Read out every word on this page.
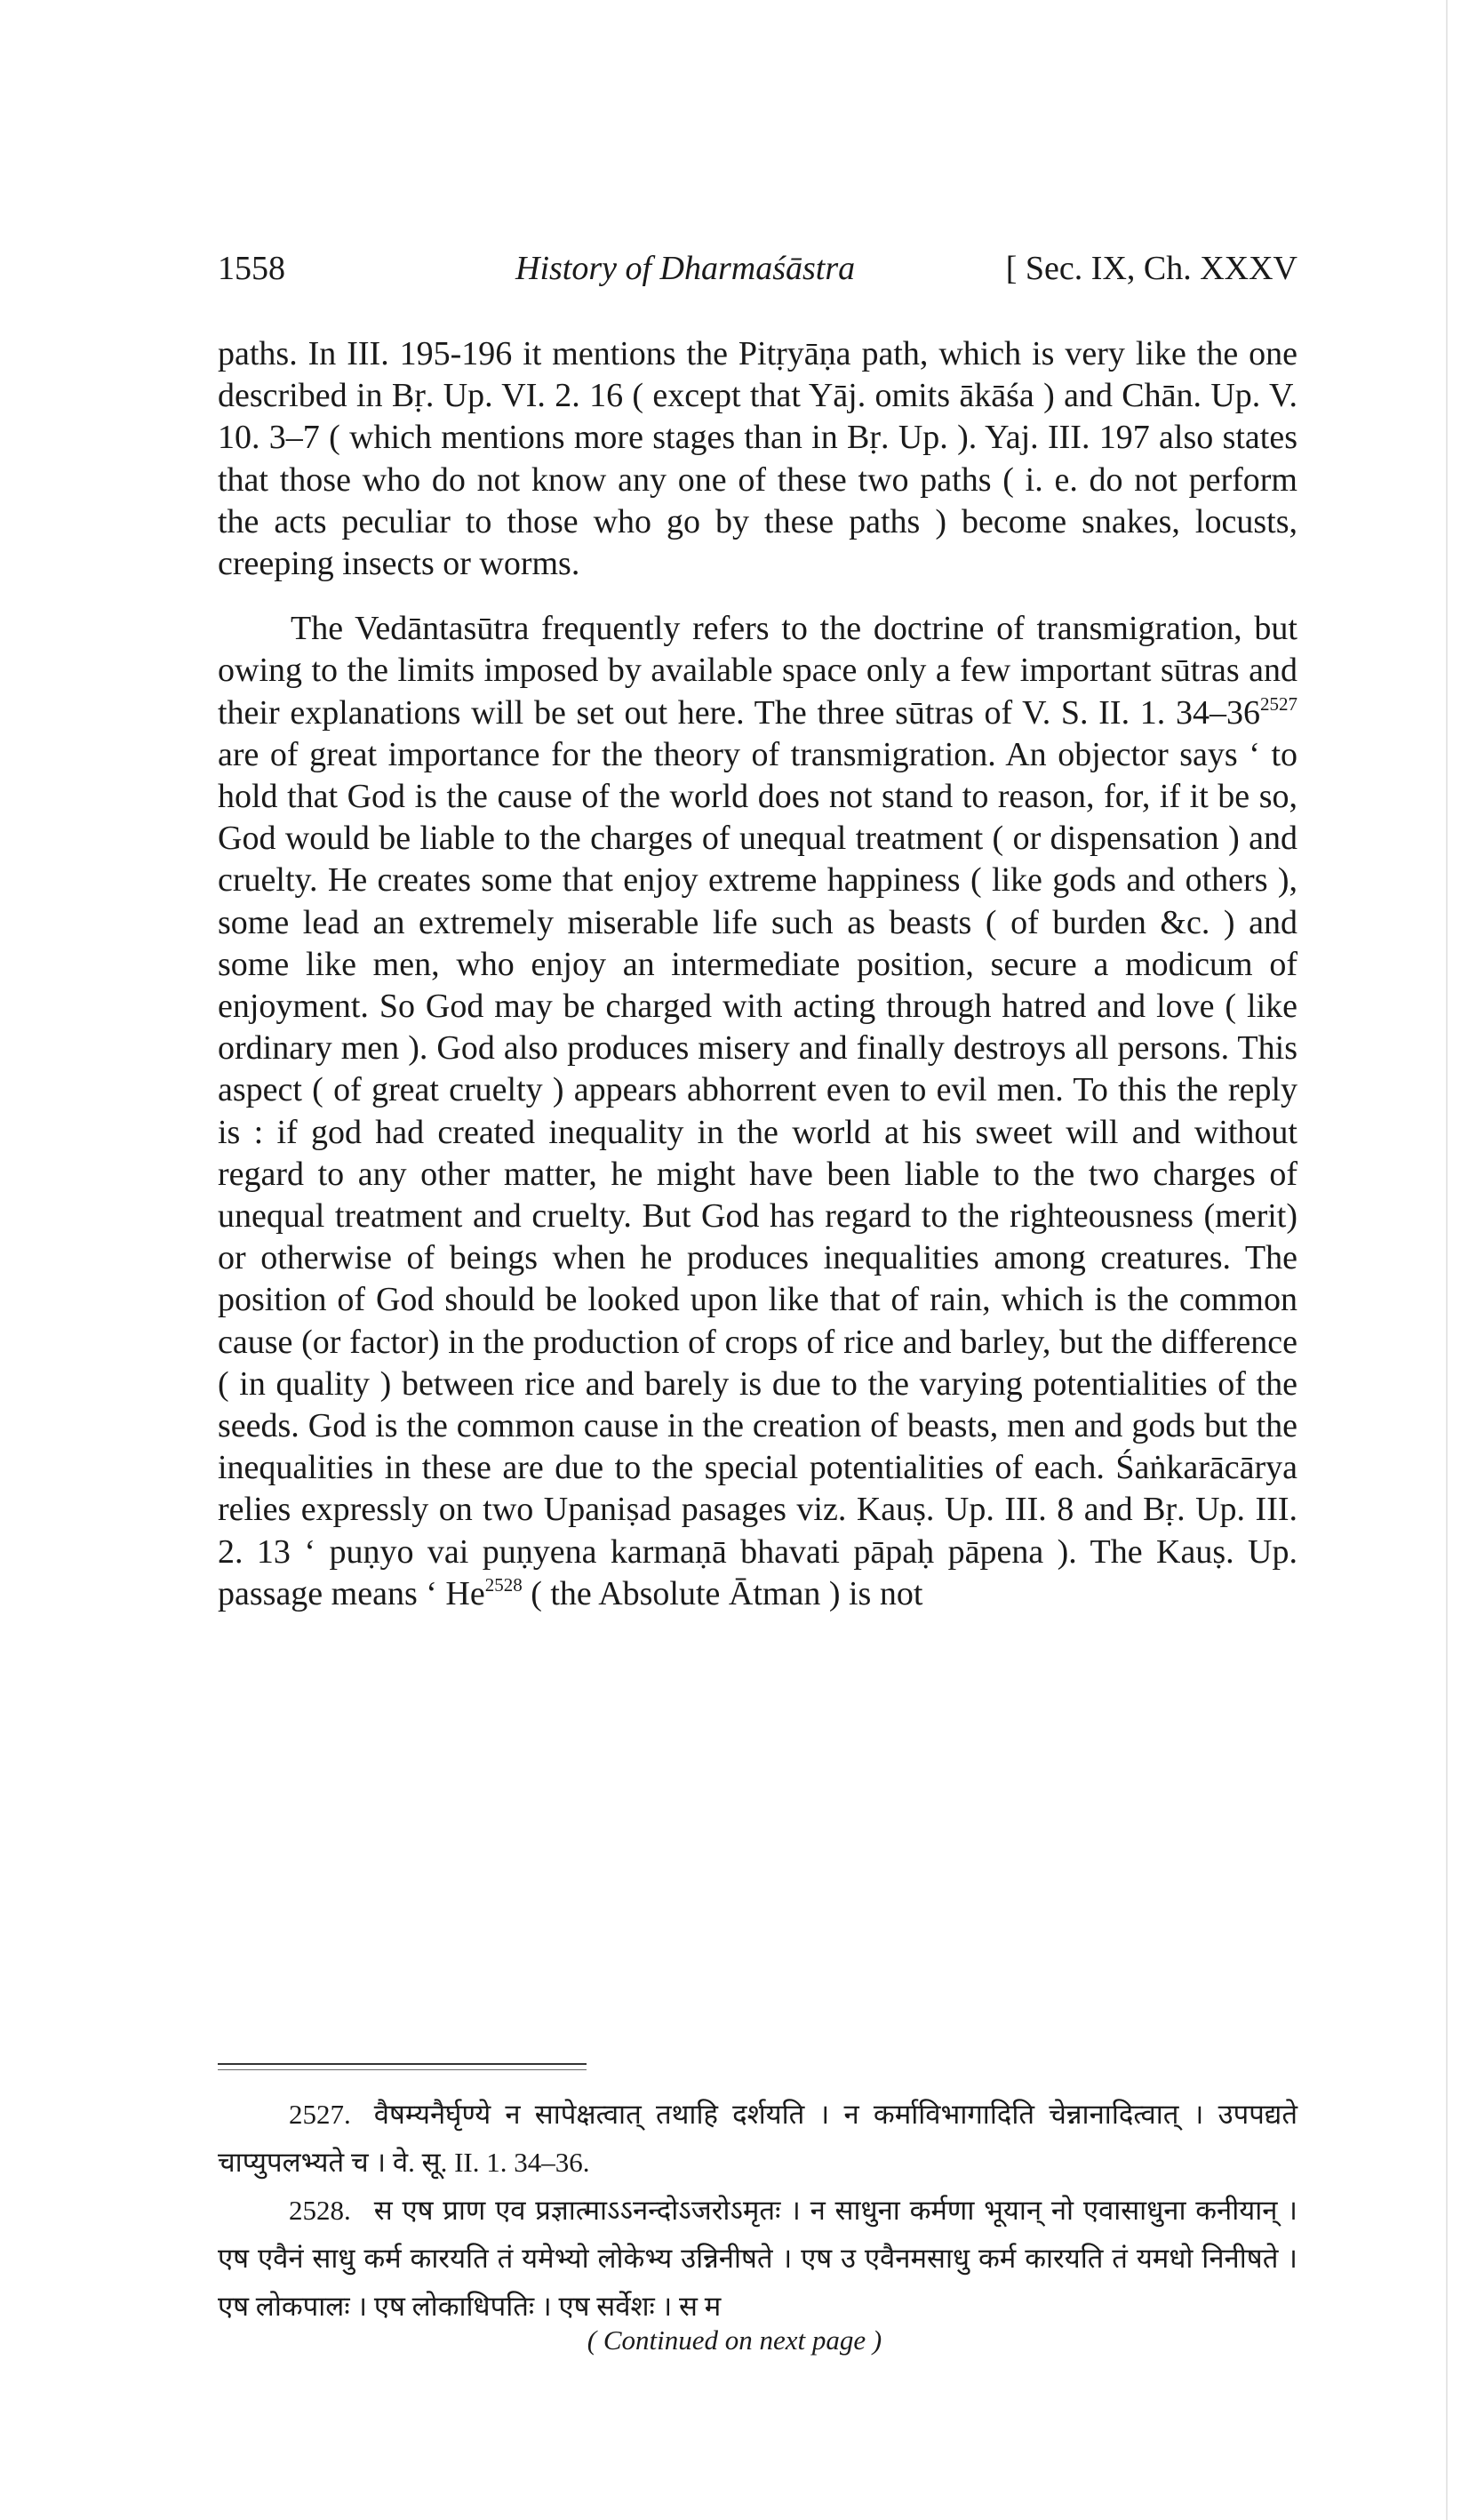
1558	History of Dharmaśāstra	[ Sec. IX, Ch. XXXV

paths. In III. 195-196 it mentions the Pitṛyāṇa path, which is very like the one described in Bṛ. Up. VI. 2. 16 ( except that Yāj. omits ākāśa ) and Chān. Up. V. 10. 3–7 ( which mentions more stages than in Bṛ. Up. ). Yaj. III. 197 also states that those who do not know any one of these two paths ( i. e. do not perform the acts peculiar to those who go by these paths ) become snakes, locusts, creeping insects or worms.

The Vedāntasūtra frequently refers to the doctrine of transmigration, but owing to the limits imposed by available space only a few important sūtras and their explanations will be set out here. The three sūtras of V. S. II. 1. $34-36^{2527}$ are of great importance for the theory of transmigration. An objector says ‘ to hold that God is the cause of the world does not stand to reason, for, if it be so, God would be liable to the charges of unequal treatment ( or dispensation ) and cruelty. He creates some that enjoy extreme happiness ( like gods and others ), some lead an extremely miserable life such as beasts ( of burden &c. ) and some like men, who enjoy an intermediate position, secure a modicum of enjoyment. So God may be charged with acting through hatred and love ( like ordinary men ). God also produces misery and finally destroys all persons. This aspect ( of great cruelty ) appears abhorrent even to evil men. To this the reply is : if god had created inequality in the world at his sweet will and without regard to any other matter, he might have been liable to the two charges of unequal treatment and cruelty. But God has regard to the righteousness (merit) or otherwise of beings when he produces inequalities among creatures. The position of God should be looked upon like that of rain, which is the common cause (or factor) in the production of crops of rice and barley, but the difference ( in quality ) between rice and barely is due to the varying potentialities of the seeds. God is the common cause in the creation of beasts, men and gods but the inequalities in these are due to the special potentialities of each. Śaṅkarācārya relies expressly on two Upaniṣad pasages viz. Kauṣ. Up. III. 8 and Bṛ. Up. III. 2. 13 ‘ puṇyo vai puṇyena karmaṇā bhavati pāpaḥ pāpena ). The Kauṣ. Up. passage means ‘ $He^{2528}$ ( the Absolute Ātman ) is not

2527. वैषम्यनैर्घृण्ये न सापेक्षत्वात् तथाहि दर्शयति । न कर्माविभागादिति चेन्नानादित्वात् । उपपद्यते चाप्युपलभ्यते च । वे. सू. II. 1. 34–36.

2528. स एष प्राण एव प्रज्ञात्माऽऽनन्दोऽजरोऽमृतः । न साधुना कर्मणा भूयान् नो एवासाधुना कनीयान् । एष एवैनं साधु कर्म कारयति तं यमेभ्यो लोकेभ्य उन्निनीषते । एष उ एवैनमसाधु कर्म कारयति तं यमधो निनीषते । एष लोकपालः । एष लोकाधिपतिः । एष सर्वेशः । स म

( Continued on next page )
